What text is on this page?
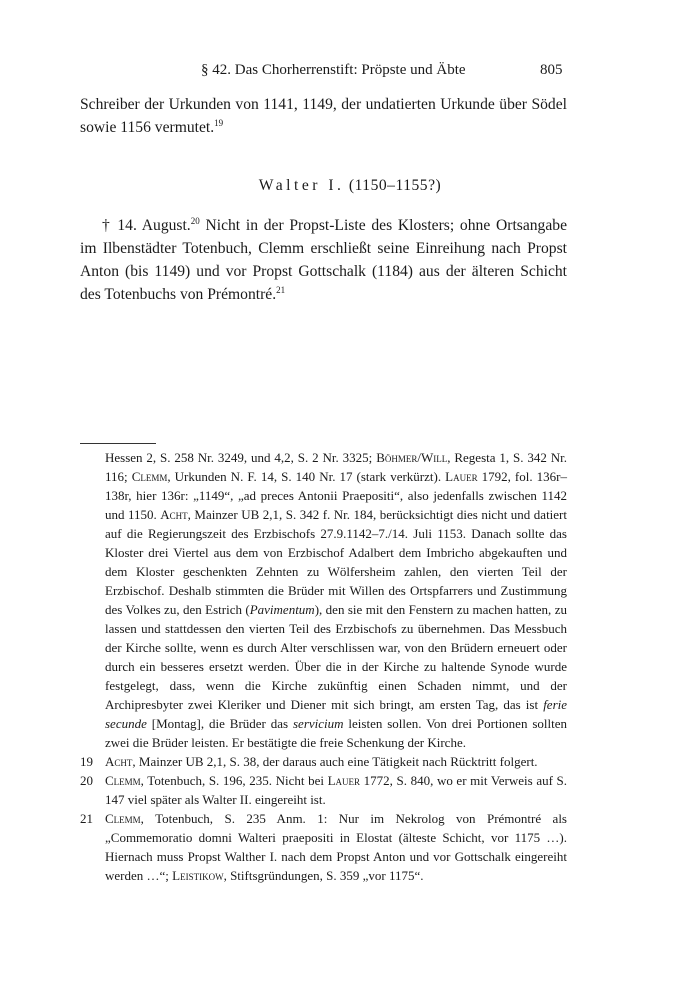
§ 42. Das Chorherrenstift: Pröpste und Äbte	805
Schreiber der Urkunden von 1141, 1149, der undatierten Urkunde über Södel sowie 1156 vermutet.$^{19}$
Walter I. (1150–1155?)
† 14. August.$^{20}$ Nicht in der Propst-Liste des Klosters; ohne Ortsangabe im Ilbenstädter Totenbuch, Clemm erschließt seine Einreihung nach Propst Anton (bis 1149) und vor Propst Gottschalk (1184) aus der älteren Schicht des Totenbuchs von Prémontré.$^{21}$
Hessen 2, S. 258 Nr. 3249, und 4,2, S. 2 Nr. 3325; Böhmer/Will, Regesta 1, S. 342 Nr. 116; Clemm, Urkunden N. F. 14, S. 140 Nr. 17 (stark verkürzt). Lauer 1792, fol. 136r–138r, hier 136r: „1149“, „ad preces Antonii Praepositi“, also jedenfalls zwischen 1142 und 1150. Acht, Mainzer UB 2,1, S. 342 f. Nr. 184, berücksichtigt dies nicht und datiert auf die Regierungszeit des Erzbischofs 27.9.1142–7./14. Juli 1153. Danach sollte das Kloster drei Viertel aus dem von Erzbischof Adalbert dem Imbricho abgekauften und dem Kloster geschenkten Zehnten zu Wölfersheim zahlen, den vierten Teil der Erzbischof. Deshalb stimmten die Brüder mit Willen des Ortspfarrers und Zustimmung des Volkes zu, den Estrich (Pavimentum), den sie mit den Fenstern zu machen hatten, zu lassen und stattdessen den vierten Teil des Erzbischofs zu übernehmen. Das Messbuch der Kirche sollte, wenn es durch Alter verschlissen war, von den Brüdern erneuert oder durch ein besseres ersetzt werden. Über die in der Kirche zu haltende Synode wurde festgelegt, dass, wenn die Kirche zukünftig einen Schaden nimmt, und der Archipresbyter zwei Kleriker und Diener mit sich bringt, am ersten Tag, das ist ferie secunde [Montag], die Brüder das servicium leisten sollen. Von drei Portionen sollten zwei die Brüder leisten. Er bestätigte die freie Schenkung der Kirche.
19 Acht, Mainzer UB 2,1, S. 38, der daraus auch eine Tätigkeit nach Rücktritt folgert.
20 Clemm, Totenbuch, S. 196, 235. Nicht bei Lauer 1772, S. 840, wo er mit Verweis auf S. 147 viel später als Walter II. eingereiht ist.
21 Clemm, Totenbuch, S. 235 Anm. 1: Nur im Nekrolog von Prémontré als „Commemoratio domni Walteri praepositi in Elostat (älteste Schicht, vor 1175 …). Hiernach muss Propst Walther I. nach dem Propst Anton und vor Gottschalk eingereiht werden …“; Leistikow, Stiftsgründungen, S. 359 „vor 1175“.
